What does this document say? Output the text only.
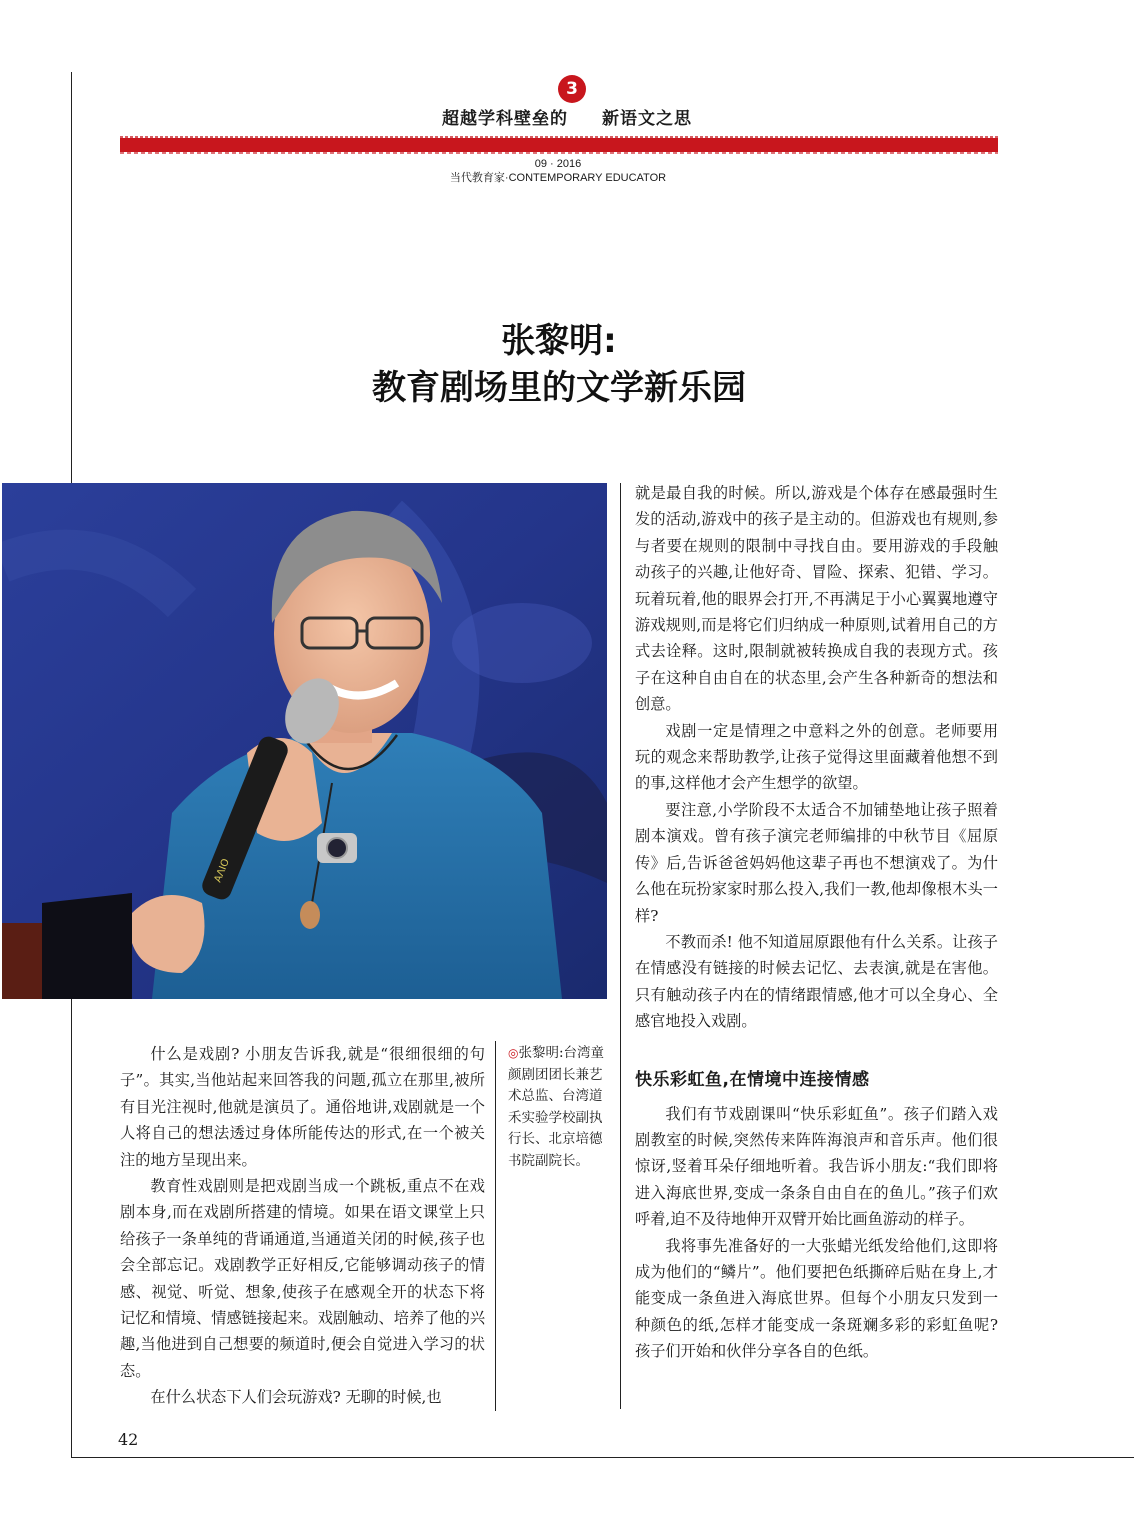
3
超越学科壁垒的 新语文之思
09 · 2016
当代教育家·CONTEMPORARY EDUCATOR
张黎明:
教育剧场里的文学新乐园
ΑΛΙΟ

什么是戏剧? 小朋友告诉我,就是“很细很细的句子”。其实,当他站起来回答我的问题,孤立在那里,被所有目光注视时,他就是演员了。通俗地讲,戏剧就是一个人将自己的想法透过身体所能传达的形式,在一个被关注的地方呈现出来。

教育性戏剧则是把戏剧当成一个跳板,重点不在戏剧本身,而在戏剧所搭建的情境。如果在语文课堂上只给孩子一条单纯的背诵通道,当通道关闭的时候,孩子也会全部忘记。戏剧教学正好相反,它能够调动孩子的情感、视觉、听觉、想象,使孩子在感观全开的状态下将记忆和情境、情感链接起来。戏剧触动、培养了他的兴趣,当他进到自己想要的频道时,便会自觉进入学习的状态。

在什么状态下人们会玩游戏? 无聊的时候,也

◎张黎明:台湾童颜剧团团长兼艺术总监、台湾道禾实验学校副执行长、北京培德书院副院长。

就是最自我的时候。所以,游戏是个体存在感最强时生发的活动,游戏中的孩子是主动的。但游戏也有规则,参与者要在规则的限制中寻找自由。要用游戏的手段触动孩子的兴趣,让他好奇、冒险、探索、犯错、学习。玩着玩着,他的眼界会打开,不再满足于小心翼翼地遵守游戏规则,而是将它们归纳成一种原则,试着用自己的方式去诠释。这时,限制就被转换成自我的表现方式。孩子在这种自由自在的状态里,会产生各种新奇的想法和创意。

戏剧一定是情理之中意料之外的创意。老师要用玩的观念来帮助教学,让孩子觉得这里面藏着他想不到的事,这样他才会产生想学的欲望。

要注意,小学阶段不太适合不加铺垫地让孩子照着剧本演戏。曾有孩子演完老师编排的中秋节目《屈原传》后,告诉爸爸妈妈他这辈子再也不想演戏了。为什么他在玩扮家家时那么投入,我们一教,他却像根木头一样?

不教而杀! 他不知道屈原跟他有什么关系。让孩子在情感没有链接的时候去记忆、去表演,就是在害他。只有触动孩子内在的情绪跟情感,他才可以全身心、全感官地投入戏剧。

快乐彩虹鱼,在情境中连接情感

我们有节戏剧课叫“快乐彩虹鱼”。孩子们踏入戏剧教室的时候,突然传来阵阵海浪声和音乐声。他们很惊讶,竖着耳朵仔细地听着。我告诉小朋友:“我们即将进入海底世界,变成一条条自由自在的鱼儿。”孩子们欢呼着,迫不及待地伸开双臂开始比画鱼游动的样子。

我将事先准备好的一大张蜡光纸发给他们,这即将成为他们的“鳞片”。他们要把色纸撕碎后贴在身上,才能变成一条鱼进入海底世界。但每个小朋友只发到一种颜色的纸,怎样才能变成一条斑斓多彩的彩虹鱼呢? 孩子们开始和伙伴分享各自的色纸。

42
